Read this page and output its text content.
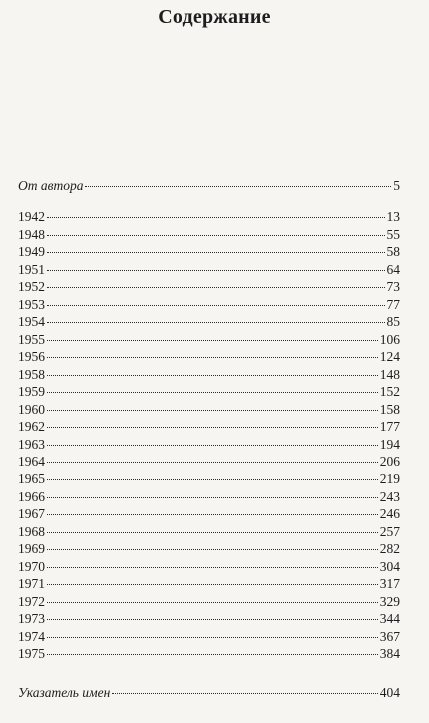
Содержание
От автора	5
1942	13
1948	55
1949	58
1951	64
1952	73
1953	77
1954	85
1955	106
1956	124
1958	148
1959	152
1960	158
1962	177
1963	194
1964	206
1965	219
1966	243
1967	246
1968	257
1969	282
1970	304
1971	317
1972	329
1973	344
1974	367
1975	384
Указатель имен	404
